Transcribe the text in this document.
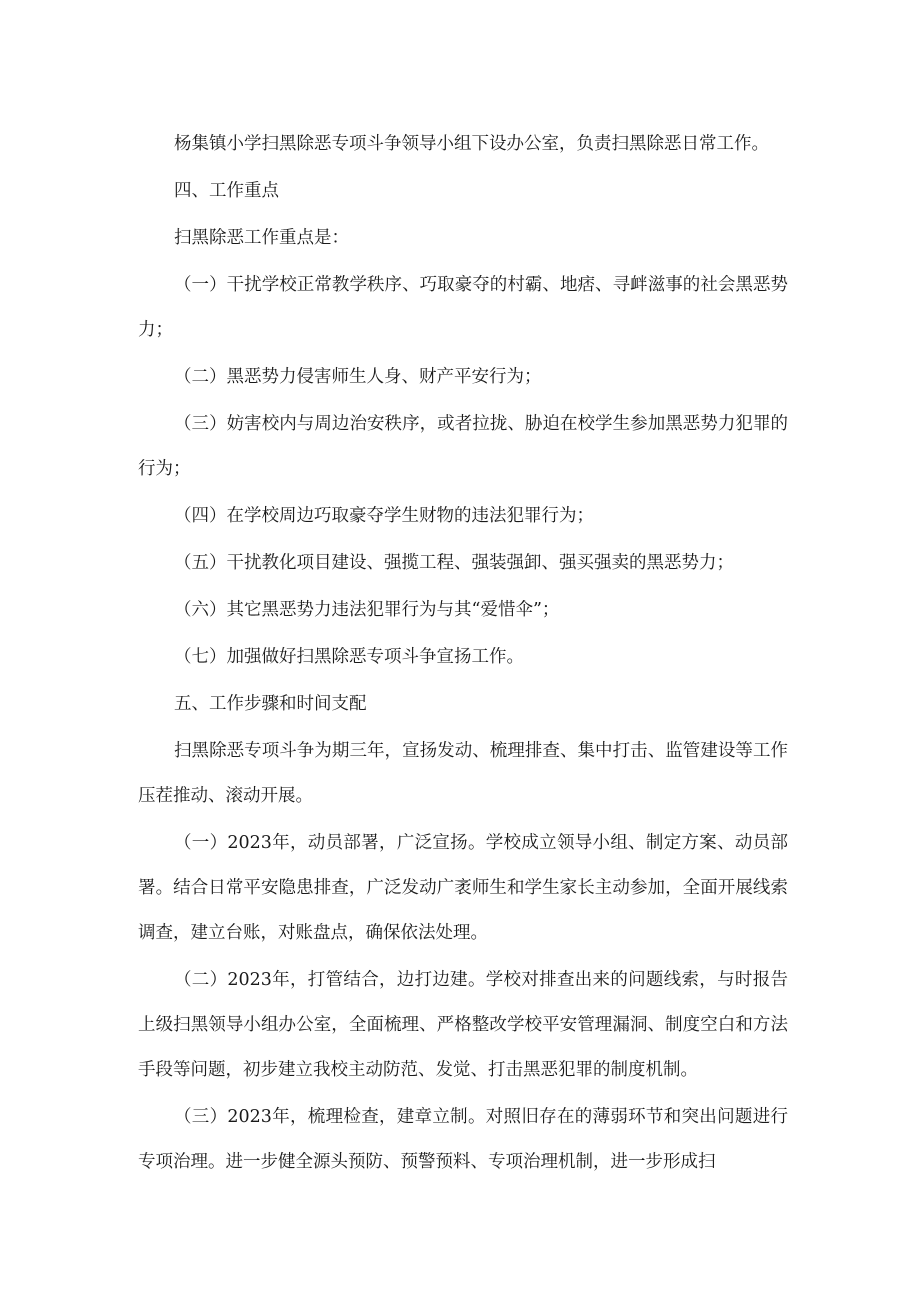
杨集镇小学扫黑除恶专项斗争领导小组下设办公室，负责扫黑除恶日常工作。

四、工作重点

扫黑除恶工作重点是：

（一）干扰学校正常教学秩序、巧取豪夺的村霸、地痞、寻衅滋事的社会黑恶势力；

（二）黑恶势力侵害师生人身、财产平安行为；

（三）妨害校内与周边治安秩序，或者拉拢、胁迫在校学生参加黑恶势力犯罪的行为；

（四）在学校周边巧取豪夺学生财物的违法犯罪行为；

（五）干扰教化项目建设、强揽工程、强装强卸、强买强卖的黑恶势力；

（六）其它黑恶势力违法犯罪行为与其“爱惜伞”；

（七）加强做好扫黑除恶专项斗争宣扬工作。

五、工作步骤和时间支配

扫黑除恶专项斗争为期三年，宣扬发动、梳理排查、集中打击、监管建设等工作压茬推动、滚动开展。

（一）2023年，动员部署，广泛宣扬。学校成立领导小组、制定方案、动员部署。结合日常平安隐患排查，广泛发动广袤师生和学生家长主动参加，全面开展线索调查，建立台账，对账盘点，确保依法处理。

（二）2023年，打管结合，边打边建。学校对排查出来的问题线索，与时报告上级扫黑领导小组办公室，全面梳理、严格整改学校平安管理漏洞、制度空白和方法手段等问题，初步建立我校主动防范、发觉、打击黑恶犯罪的制度机制。

（三）2023年，梳理检查，建章立制。对照旧存在的薄弱环节和突出问题进行专项治理。进一步健全源头预防、预警预料、专项治理机制，进一步形成扫
